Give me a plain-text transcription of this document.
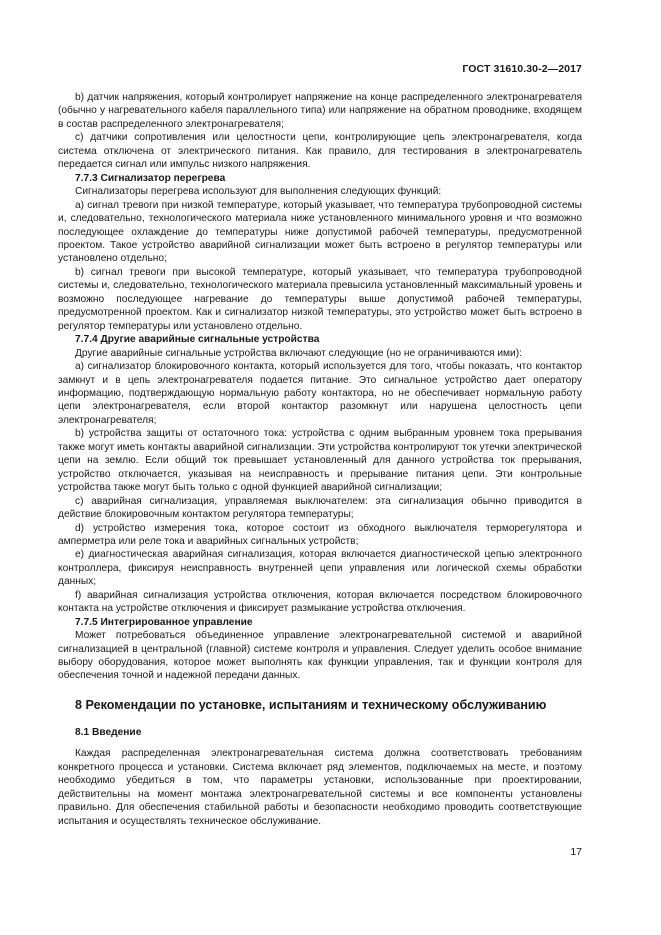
ГОСТ 31610.30-2—2017

b) датчик напряжения, который контролирует напряжение на конце распределенного электронагревателя (обычно у нагревательного кабеля параллельного типа) или напряжение на обратном проводнике, входящем в состав распределенного электронагревателя;

с) датчики сопротивления или целостности цепи, контролирующие цепь электронагревателя, когда система отключена от электрического питания. Как правило, для тестирования в электронагреватель передается сигнал или импульс низкого напряжения.

7.7.3 Сигнализатор перегрева

Сигнализаторы перегрева используют для выполнения следующих функций:

a) сигнал тревоги при низкой температуре, который указывает, что температура трубопроводной системы и, следовательно, технологического материала ниже установленного минимального уровня и что возможно последующее охлаждение до температуры ниже допустимой рабочей температуры, предусмотренной проектом. Такое устройство аварийной сигнализации может быть встроено в регулятор температуры или установлено отдельно;

b) сигнал тревоги при высокой температуре, который указывает, что температура трубопроводной системы и, следовательно, технологического материала превысила установленный максимальный уровень и возможно последующее нагревание до температуры выше допустимой рабочей температуры, предусмотренной проектом. Как и сигнализатор низкой температуры, это устройство может быть встроено в регулятор температуры или установлено отдельно.

7.7.4 Другие аварийные сигнальные устройства

Другие аварийные сигнальные устройства включают следующие (но не ограничиваются ими):

a) сигнализатор блокировочного контакта, который используется для того, чтобы показать, что контактор замкнут и в цепь электронагревателя подается питание. Это сигнальное устройство дает оператору информацию, подтверждающую нормальную работу контактора, но не обеспечивает нормальную работу цепи электронагревателя, если второй контактор разомкнут или нарушена целостность цепи электронагревателя;

b) устройства защиты от остаточного тока: устройства с одним выбранным уровнем тока прерывания также могут иметь контакты аварийной сигнализации. Эти устройства контролируют ток утечки электрической цепи на землю. Если общий ток превышает установленный для данного устройства ток прерывания, устройство отключается, указывая на неисправность и прерывание питания цепи. Эти контрольные устройства также могут быть только с одной функцией аварийной сигнализации;

с) аварийная сигнализация, управляемая выключателем: эта сигнализация обычно приводится в действие блокировочным контактом регулятора температуры;

d) устройство измерения тока, которое состоит из обходного выключателя терморегулятора и амперметра или реле тока и аварийных сигнальных устройств;

e) диагностическая аварийная сигнализация, которая включается диагностической цепью электронного контроллера, фиксируя неисправность внутренней цепи управления или логической схемы обработки данных;

f) аварийная сигнализация устройства отключения, которая включается посредством блокировочного контакта на устройстве отключения и фиксирует размыкание устройства отключения.

7.7.5 Интегрированное управление

Может потребоваться объединенное управление электронагревательной системой и аварийной сигнализацией в центральной (главной) системе контроля и управления. Следует уделить особое внимание выбору оборудования, которое может выполнять как функции управления, так и функции контроля для обеспечения точной и надежной передачи данных.

8 Рекомендации по установке, испытаниям и техническому обслуживанию
8.1 Введение

Каждая распределенная электронагревательная система должна соответствовать требованиям конкретного процесса и установки. Система включает ряд элементов, подключаемых на месте, и поэтому необходимо убедиться в том, что параметры установки, использованные при проектировании, действительны на момент монтажа электронагревательной системы и все компоненты установлены правильно. Для обеспечения стабильной работы и безопасности необходимо проводить соответствующие испытания и осуществлять техническое обслуживание.

17
